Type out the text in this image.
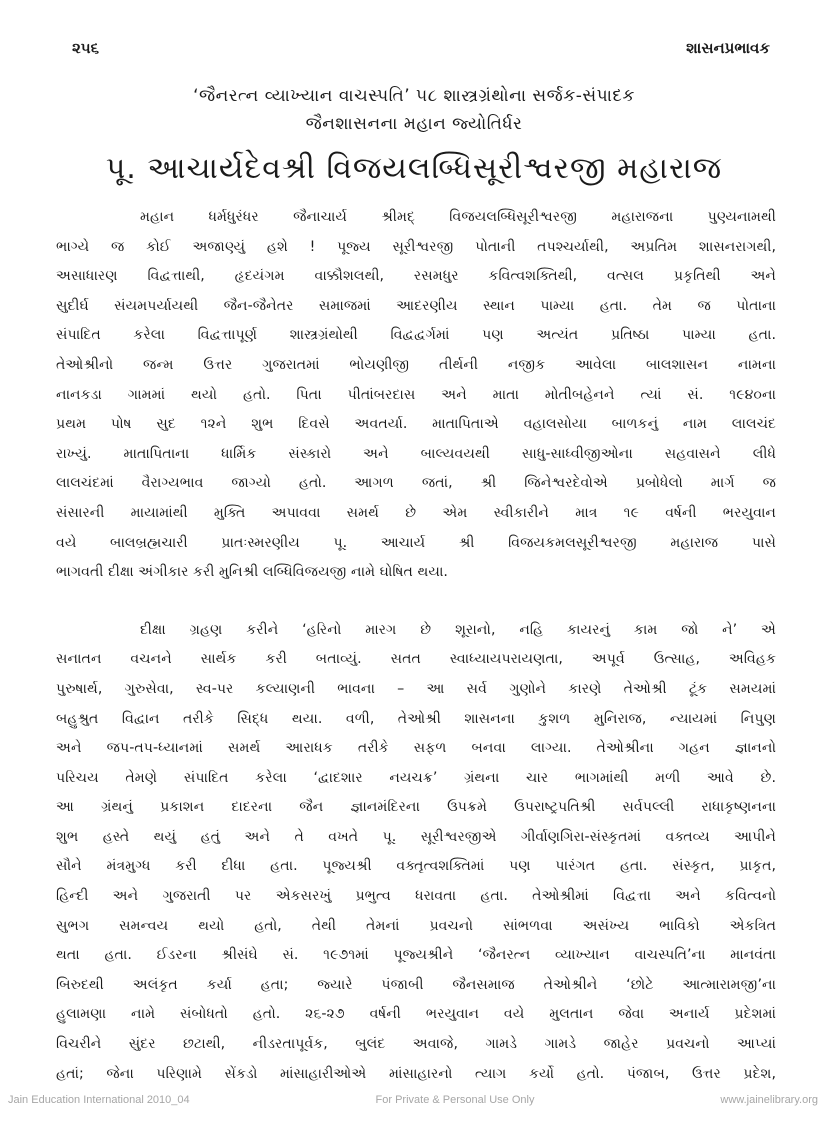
૨૫૬	શાસનપ્રભાવક
‘જૈનરત્ન વ્યાખ્યાન વાચસ્પતિ’ ૫૮ શાસ્ત્રગ્રંથોના સર્જક-સંપાદક
જૈનશાસનના મહાન જ્યોતિર્ધર
પૂ. આચાર્યદેવશ્રી વિજયલબ્ધિસૂરીશ્વરજી મહારાજ

મહાન ધર્મધુરંધર જૈનાચાર્ય શ્રીમદ્ વિજયલબ્ધિસૂરીશ્વરજી મહારાજના પુણ્યનામથી
ભાગ્યે જ કોઈ અજાણ્યું હશે ! પૂજ્ય સૂરીશ્વરજી પોતાની તપશ્ચર્યાથી, અપ્રતિમ શાસનરાગથી,
અસાધારણ વિદ્વત્તાથી, હૃદયંગમ વાક્કૌશલથી, રસમધુર કવિત્વશક્તિથી, વત્સલ પ્રકૃતિથી અને
સુદીર્ઘ સંયમપર્યાયથી જૈન-જૈનેતર સમાજમાં આદરણીય સ્થાન પામ્યા હતા. તેમ જ પોતાના
સંપાદિત કરેલા વિદ્વત્તાપૂર્ણ શાસ્ત્રગ્રંથોથી વિદ્વદ્વર્ગમાં પણ અત્યંત પ્રતિષ્ઠા પામ્યા હતા.
તેઓશ્રીનો જન્મ ઉત્તર ગુજરાતમાં ભોયણીજી તીર્થની નજીક આવેલા બાલશાસન નામના
નાનકડા ગામમાં થયો હતો. પિતા પીતાંબરદાસ અને માતા મોતીબહેનને ત્યાં સં. ૧૯૪૦ના
પ્રથમ પોષ સુદ ૧૨ને શુભ દિવસે અવતર્યા. માતાપિતાએ વહાલસોયા બાળકનું નામ લાલચંદ
રાખ્યું. માતાપિતાના ધાર્મિક સંસ્કારો અને બાલ્યવયથી સાધુ-સાધ્વીજીઓના સહવાસને લીધે
લાલચંદમાં વૈરાગ્યભાવ જાગ્યો હતો. આગળ જતાં, શ્રી જિનેશ્વરદેવોએ પ્રબોધેલો માર્ગ જ
સંસારની માયામાંથી મુક્તિ અપાવવા સમર્થ છે એમ સ્વીકારીને માત્ર ૧૯ વર્ષની ભરયુવાન
વયે બાલબ્રહ્મચારી પ્રાતઃસ્મરણીય પૂ. આચાર્ય શ્રી વિજયકમલસૂરીશ્વરજી મહારાજ પાસે
ભાગવતી દીક્ષા અંગીકાર કરી મુનિશ્રી લબ્ધિવિજયજી નામે ઘોષિત થયા.

દીક્ષા ગ્રહણ કરીને ‘હરિનો મારગ છે શૂરાનો, નહિ કાયરનું કામ જો ને’ એ
સનાતન વચનને સાર્થક કરી બતાવ્યું. સતત સ્વાધ્યાયપરાયણતા, અપૂર્વ ઉત્સાહ, અવિહક
પુરુષાર્થ, ગુરુસેવા, સ્વ-પર કલ્યાણની ભાવના – આ સર્વ ગુણોને કારણે તેઓશ્રી ટૂંક સમયમાં
બહુશ્રુત વિદ્વાન તરીકે સિદ્ધ થયા. વળી, તેઓશ્રી શાસનના કુશળ મુનિરાજ, ન્યાયમાં નિપુણ
અને જપ-તપ-ધ્યાનમાં સમર્થ આરાધક તરીકે સફળ બનવા લાગ્યા. તેઓશ્રીના ગહન જ્ઞાનનો
પરિચય તેમણે સંપાદિત કરેલા ‘દ્વાદશાર નયચક્ર’ ગ્રંથના ચાર ભાગમાંથી મળી આવે છે.
આ ગ્રંથનું પ્રકાશન દાદરના જૈન જ્ઞાનમંદિરના ઉપક્રમે ઉપરાષ્ટ્રપતિશ્રી સર્વપલ્લી રાધાકૃષ્ણનના
શુભ હસ્તે થયું હતું અને તે વખતે પૂ. સૂરીશ્વરજીએ ગીર્વાણગિરા-સંસ્કૃતમાં વક્તવ્ય આપીને
સૌને મંત્રમુગ્ધ કરી દીધા હતા. પૂજ્યશ્રી વક્તૃત્વશક્તિમાં પણ પારંગત હતા. સંસ્કૃત, પ્રાકૃત,
હિન્દી અને ગુજરાતી પર એકસરખું પ્રભુત્વ ધરાવતા હતા. તેઓશ્રીમાં વિદ્વત્તા અને કવિત્વનો
સુભગ સમન્વય થયો હતો, તેથી તેમનાં પ્રવચનો સાંભળવા અસંખ્ય ભાવિકો એકત્રિત
થતા હતા. ઈડરના શ્રીસંઘે સં. ૧૯૭૧માં પૂજ્યશ્રીને ‘જૈનરત્ન વ્યાખ્યાન વાચસ્પતિ’ના માનવંતા
બિરુદથી અલંકૃત કર્યા હતા; જ્યારે પંજાબી જૈનસમાજ તેઓશ્રીને ‘છોટે આત્મારામજી’ના
હુલામણા નામે સંબોધતો હતો. ૨૬-૨૭ વર્ષની ભરયુવાન વયે મુલતાન જેવા અનાર્ય પ્રદેશમાં
વિચરીને સુંદર છટાથી, નીડરતાપૂર્વક, બુલંદ અવાજે, ગામડે ગામડે જાહેર પ્રવચનો આપ્યાં
હતાં; જેના પરિણામે સેંકડો માંસાહારીઓએ માંસાહારનો ત્યાગ કર્યો હતો. પંજાબ, ઉત્તર પ્રદેશ,

Jain Education International 2010_04	For Private & Personal Use Only	www.jainelibrary.org
